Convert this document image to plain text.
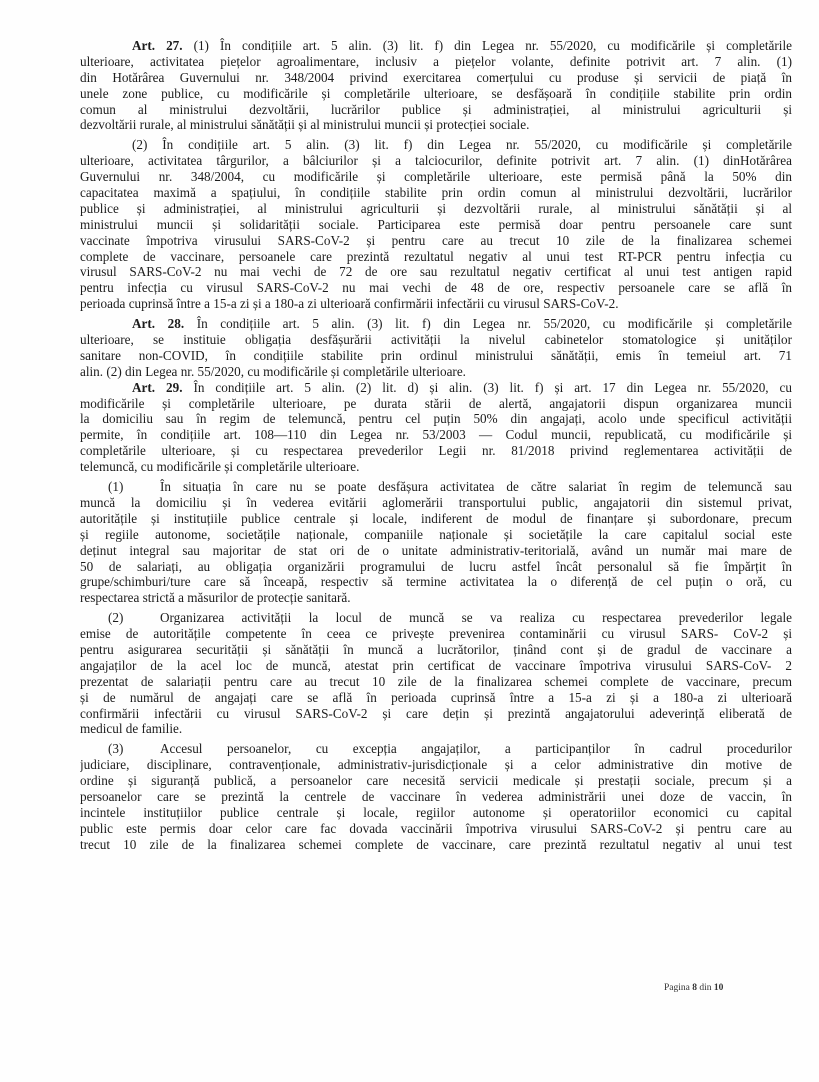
Art. 27. (1) În condițiile art. 5 alin. (3) lit. f) din Legea nr. 55/2020, cu modificările și completările
ulterioare, activitatea piețelor agroalimentare, inclusiv a piețelor volante, definite potrivit art. 7 alin. (1)
din Hotărârea Guvernului nr. 348/2004 privind exercitarea comerțului cu produse și servicii de piață în
unele zone publice, cu modificările și completările ulterioare, se desfășoară în condițiile stabilite prin ordin
comun al ministrului dezvoltării, lucrărilor publice și administrației, al ministrului agriculturii și
dezvoltării rurale, al ministrului sănătății și al ministrului muncii și protecției sociale.
(2) În condițiile art. 5 alin. (3) lit. f) din Legea nr. 55/2020, cu modificările și completările
ulterioare, activitatea târgurilor, a bâlciurilor și a talciocurilor, definite potrivit art. 7 alin. (1) dinHotărârea
Guvernului nr. 348/2004, cu modificările și completările ulterioare, este permisă până la 50% din
capacitatea maximă a spațiului, în condițiile stabilite prin ordin comun al ministrului dezvoltării, lucrărilor
publice și administrației, al ministrului agriculturii și dezvoltării rurale, al ministrului sănătății și al
ministrului muncii și solidarității sociale. Participarea este permisă doar pentru persoanele care sunt
vaccinate împotriva virusului SARS-CoV-2 și pentru care au trecut 10 zile de la finalizarea schemei
complete de vaccinare, persoanele care prezintă rezultatul negativ al unui test RT-PCR pentru infecția cu
virusul SARS-CoV-2 nu mai vechi de 72 de ore sau rezultatul negativ certificat al unui test antigen rapid
pentru infecția cu virusul SARS-CoV-2 nu mai vechi de 48 de ore, respectiv persoanele care se află în
perioada cuprinsă între a 15-a zi și a 180-a zi ulterioară confirmării infectării cu virusul SARS-CoV-2.
Art. 28. În condițiile art. 5 alin. (3) lit. f) din Legea nr. 55/2020, cu modificările și completările
ulterioare, se instituie obligația desfășurării activității la nivelul cabinetelor stomatologice și unităților
sanitare non-COVID, în condițiile stabilite prin ordinul ministrului sănătății, emis în temeiul art. 71
alin. (2) din Legea nr. 55/2020, cu modificările și completările ulterioare.
Art. 29. În condițiile art. 5 alin. (2) lit. d) și alin. (3) lit. f) și art. 17 din Legea nr. 55/2020, cu
modificările și completările ulterioare, pe durata stării de alertă, angajatorii dispun organizarea muncii
la domiciliu sau în regim de telemuncă, pentru cel puțin 50% din angajați, acolo unde specificul activității
permite, în condițiile art. 108—110 din Legea nr. 53/2003 — Codul muncii, republicată, cu modificările și
completările ulterioare, și cu respectarea prevederilor Legii nr. 81/2018 privind reglementarea activității de
telemuncă, cu modificările și completările ulterioare.
(1)	În situația în care nu se poate desfășura activitatea de către salariat în regim de telemuncă sau
muncă la domiciliu și în vederea evitării aglomerării transportului public, angajatorii din sistemul privat,
autoritățile și instituțiile publice centrale și locale, indiferent de modul de finanțare și subordonare, precum
și regiile autonome, societățile naționale, companiile naționale și societățile la care capitalul social este
deținut integral sau majoritar de stat ori de o unitate administrativ-teritorială, având un număr mai mare de
50 de salariați, au obligația organizării programului de lucru astfel încât personalul să fie împărțit în
grupe/schimburi/ture care să înceapă, respectiv să termine activitatea la o diferență de cel puțin o oră, cu
respectarea strictă a măsurilor de protecție sanitară.
(2)	Organizarea activității la locul de muncă se va realiza cu respectarea prevederilor legale
emise de autoritățile competente în ceea ce privește prevenirea contaminării cu virusul SARS- CoV-2 și
pentru asigurarea securității și sănătății în muncă a lucrătorilor, ținând cont și de gradul de vaccinare a
angajaților de la acel loc de muncă, atestat prin certificat de vaccinare împotriva virusului SARS-CoV- 2
prezentat de salariații pentru care au trecut 10 zile de la finalizarea schemei complete de vaccinare, precum
și de numărul de angajați care se află în perioada cuprinsă între a 15-a zi și a 180-a zi ulterioară
confirmării infectării cu virusul SARS-CoV-2 și care dețin și prezintă angajatorului adeverință eliberată de
medicul de familie.
(3)	Accesul persoanelor, cu excepția angajaților, a participanților în cadrul procedurilor
judiciare, disciplinare, contravenționale, administrativ-jurisdicționale și a celor administrative din motive de
ordine și siguranță publică, a persoanelor care necesită servicii medicale și prestații sociale, precum și a
persoanelor care se prezintă la centrele de vaccinare în vederea administrării unei doze de vaccin, în
incintele instituțiilor publice centrale și locale, regiilor autonome și operatoriilor economici cu capital
public este permis doar celor care fac dovada vaccinării împotriva virusului SARS-CoV-2 și pentru care au
trecut 10 zile de la finalizarea schemei complete de vaccinare, care prezintă rezultatul negativ al unui test
Pagina 8 din 10
